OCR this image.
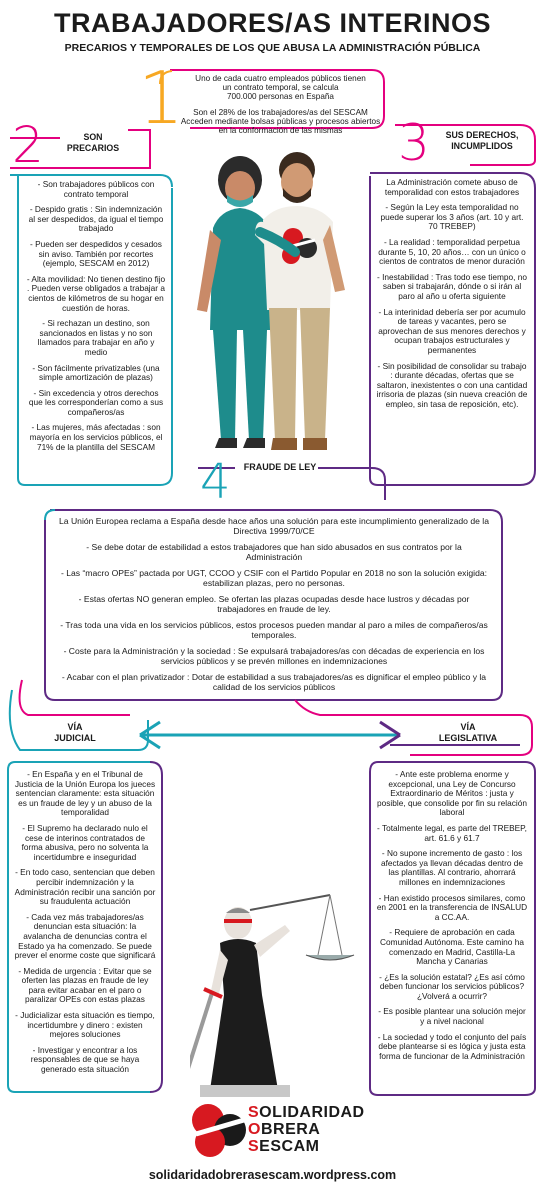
TRABAJADORES/AS INTERINOS
PRECARIOS Y TEMPORALES DE LOS QUE ABUSA LA ADMINISTRACIÓN PÚBLICA
1	Uno de cada cuatro empleados públicos tienen
un contrato temporal, se calcula
700.000 personas en España
Son el 28% de los trabajadores/as del SESCAM
Acceden mediante bolsas públicas y procesos abiertos
en la conformación de las mismas
2	SON
PRECARIOS	3	SUS DERECHOS,
INCUMPLIDOS

- Son trabajadores públicos con contrato temporal

- Despido gratis : Sin indemnización al ser despedidos, da igual el tiempo trabajado

- Pueden ser despedidos y cesados sin aviso. También por recortes (ejemplo, SESCAM en 2012)

- Alta movilidad: No tienen destino fijo . Pueden verse obligados a trabajar a cientos de kilómetros de su hogar en cuestión de horas.

- Si rechazan un destino, son sancionados en listas y no son llamados para trabajar en año y medio

- Son fácilmente privatizables (una simple amortización de plazas)

- Sin excedencia y otros derechos que les corresponderían como a sus compañeros/as

- Las mujeres, más afectadas : son mayoría en los servicios públicos, el 71% de la plantilla del SESCAM

La Administración comete abuso de temporalidad con estos trabajadores

- Según la Ley esta temporalidad no puede superar los 3 años (art. 10 y art. 70 TREBEP)

- La realidad : temporalidad perpetua durante 5, 10, 20 años… con un único o cientos de contratos de menor duración

- Inestabilidad : Tras todo ese tiempo, no saben si trabajarán, dónde o si irán al paro al año u oferta siguiente

- La interinidad debería ser por acumulo de tareas y vacantes, pero se aprovechan de sus menores derechos y ocupan trabajos estructurales y permanentes

- Sin posibilidad de consolidar su trabajo : durante décadas, ofertas que se saltaron, inexistentes o con una cantidad irrisoria de plazas (sin nueva creación de empleo, sin tasa de reposición, etc).

4	FRAUDE DE LEY

La Unión Europea reclama a España desde hace años una solución para este incumplimiento generalizado de la Directiva 1999/70/CE

- Se debe dotar de estabilidad a estos trabajadores que han sido abusados en sus contratos por la Administración

- Las “macro OPEs” pactada por UGT, CCOO y CSIF con el Partido Popular en 2018 no son la solución exigida: estabilizan plazas, pero no personas.

- Estas ofertas NO generan empleo. Se ofertan las plazas ocupadas desde hace lustros y décadas por trabajadores en fraude de ley.

- Tras toda una vida en los servicios públicos, estos procesos pueden mandar al paro a miles de compañeros/as temporales.

- Coste para la Administración y la sociedad : Se expulsará trabajadores/as con décadas de experiencia en los servicios públicos y se prevén millones en indemnizaciones

- Acabar con el plan privatizador : Dotar de estabilidad a sus trabajadores/as es dignificar el empleo público y la calidad de los servicios públicos

VÍA
JUDICIAL
VÍA
LEGISLATIVA

- En España y en el Tribunal de Justicia de la Unión Europa los jueces sentencian claramente: esta situación es un fraude de ley y un abuso de la temporalidad

- El Supremo ha declarado nulo el cese de interinos contratados de forma abusiva, pero no solventa la incertidumbre e inseguridad

- En todo caso, sentencian que deben percibir indemnización y la Administración recibir una sanción por su fraudulenta actuación

- Cada vez más trabajadores/as denuncian esta situación: la avalancha de denuncias contra el Estado ya ha comenzado. Se puede prever el enorme coste que significará

- Medida de urgencia : Evitar que se oferten las plazas en fraude de ley para evitar acabar en el paro o paralizar OPEs con estas plazas

- Judicializar esta situación es tiempo, incertidumbre y dinero : existen mejores soluciones

- Investigar y encontrar a los responsables de que se haya generado esta situación

- Ante este problema enorme y excepcional, una Ley de Concurso Extraordinario de Méritos : justa y posible, que consolide por fin su relación laboral

- Totalmente legal, es parte del TREBEP, art. 61.6 y 61.7

- No supone incremento de gasto : los afectados ya llevan décadas dentro de las plantillas. Al contrario, ahorrará millones en indemnizaciones

- Han existido procesos similares, como en 2001 en la transferencia de INSALUD a CC.AA.

- Requiere de aprobación en cada Comunidad Autónoma. Este camino ha comenzado en Madrid, Castilla-La Mancha y Canarias

- ¿Es la solución estatal? ¿Es así cómo deben funcionar los servicios públicos? ¿Volverá a ocurrir?

- Es posible plantear una solución mejor y a nivel nacional

- La sociedad y todo el conjunto del país debe plantearse si es lógica y justa esta forma de funcionar de la Administración

SOLIDARIDAD
OBRERA
SESCAM
solidaridadobrerasescam.wordpress.com
